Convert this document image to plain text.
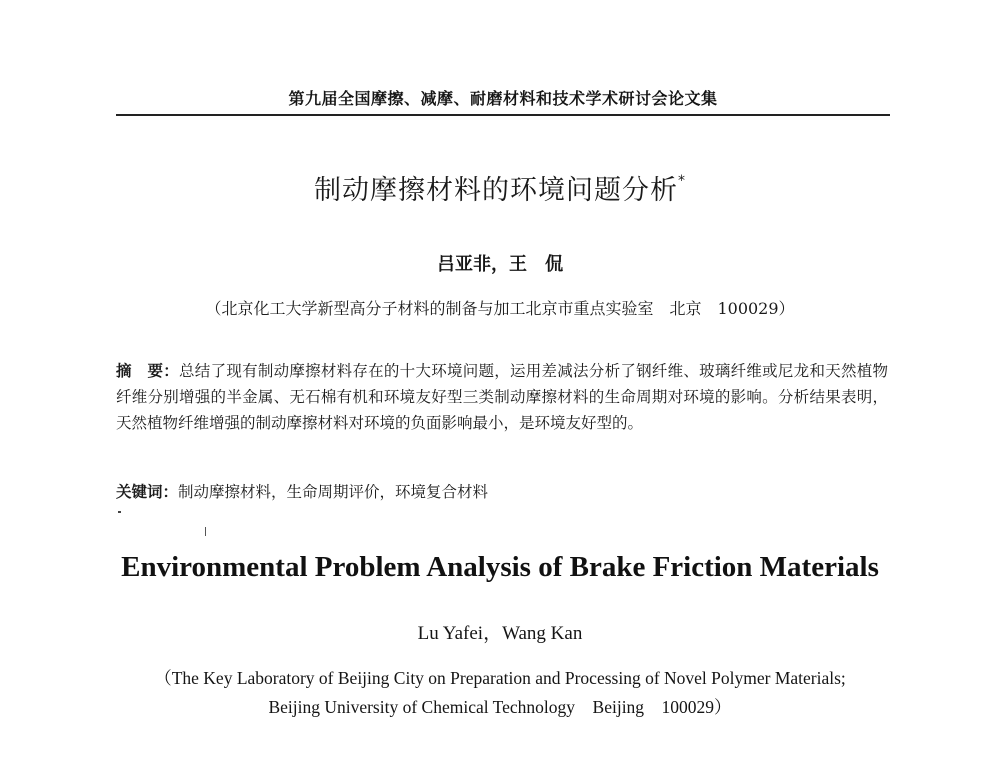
第九届全国摩擦、减摩、耐磨材料和技术学术研讨会论文集
制动摩擦材料的环境问题分析*
吕亚非，王　侃
（北京化工大学新型高分子材料的制备与加工北京市重点实验室　北京　100029）
摘　要：总结了现有制动摩擦材料存在的十大环境问题，运用差减法分析了钢纤维、玻璃纤维或尼龙和天然植物纤维分别增强的半金属、无石棉有机和环境友好型三类制动摩擦材料的生命周期对环境的影响。分析结果表明，天然植物纤维增强的制动摩擦材料对环境的负面影响最小，是环境友好型的。
关键词：制动摩擦材料，生命周期评价，环境复合材料
Environmental Problem Analysis of Brake Friction Materials
Lu Yafei，Wang Kan
（The Key Laboratory of Beijing City on Preparation and Processing of Novel Polymer Materials;
Beijing University of Chemical Technology　Beijing　100029）
